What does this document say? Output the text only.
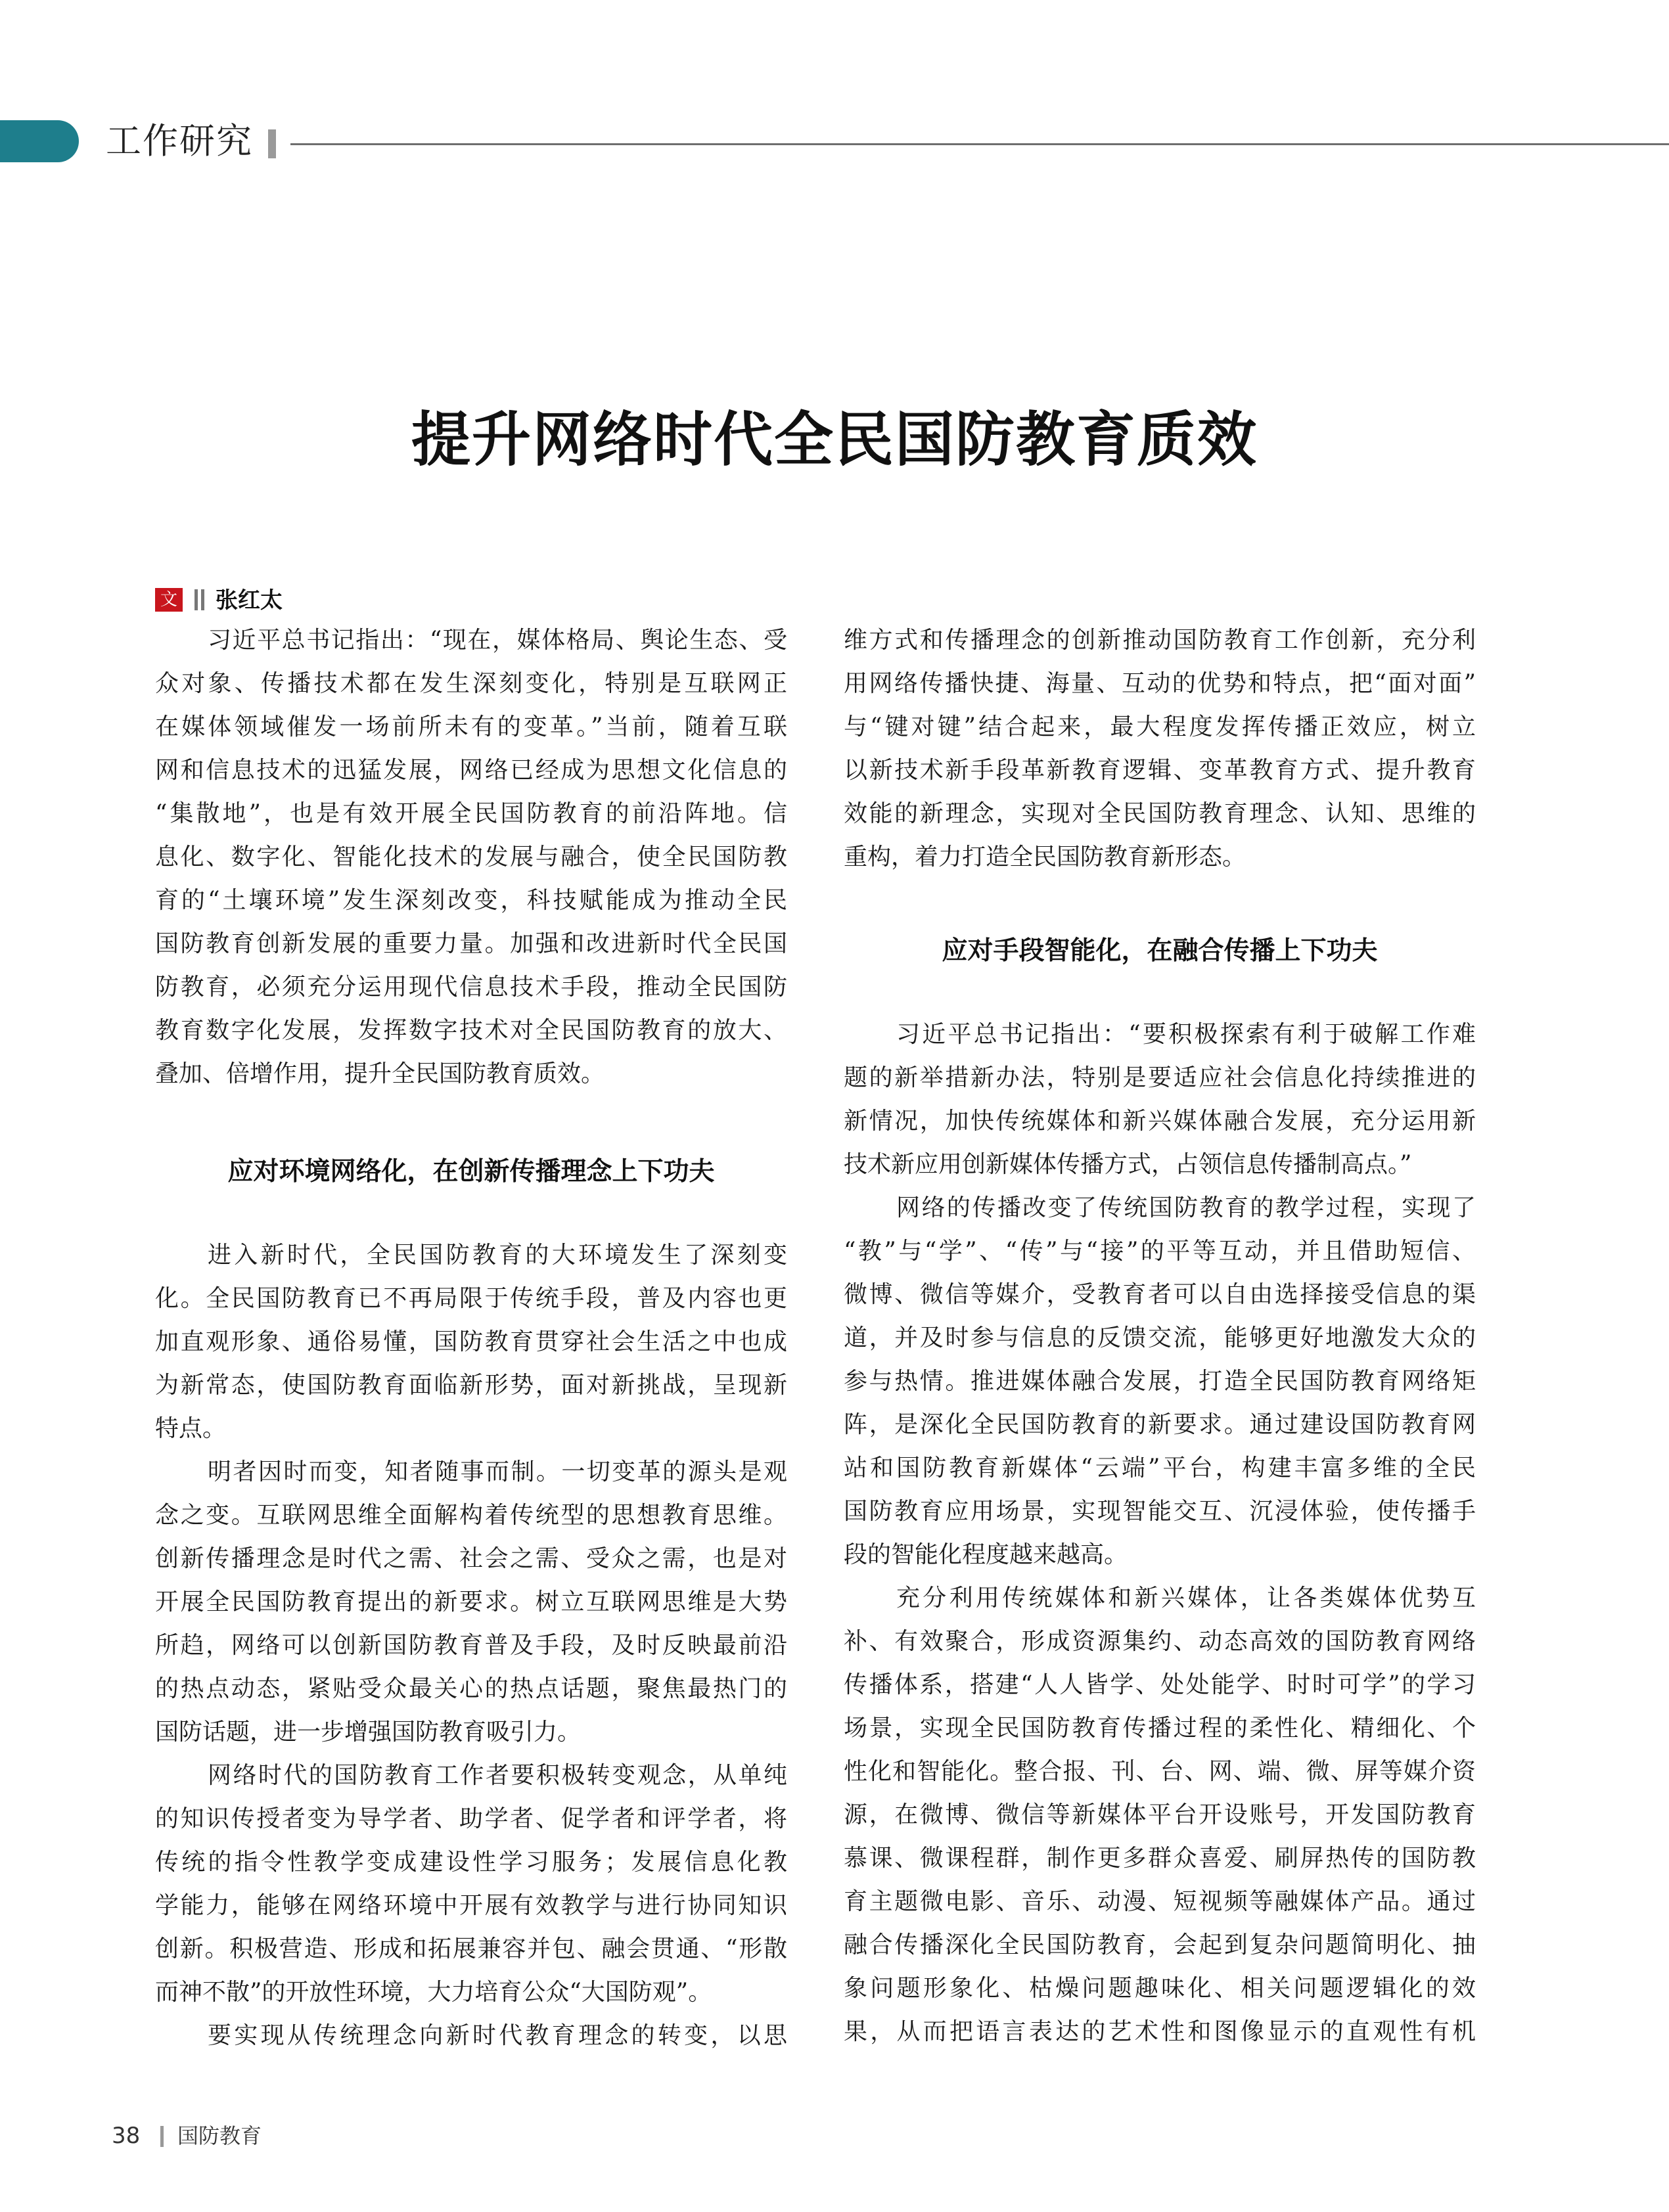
工作研究
提升网络时代全民国防教育质效
文 张红太
习近平总书记指出：“现在，媒体格局、舆论生态、受
众对象、传播技术都在发生深刻变化，特别是互联网正
在媒体领域催发一场前所未有的变革。”当前，随着互联
网和信息技术的迅猛发展，网络已经成为思想文化信息的
“集散地”，也是有效开展全民国防教育的前沿阵地。信
息化、数字化、智能化技术的发展与融合，使全民国防教
育的“土壤环境”发生深刻改变，科技赋能成为推动全民
国防教育创新发展的重要力量。加强和改进新时代全民国
防教育，必须充分运用现代信息技术手段，推动全民国防
教育数字化发展，发挥数字技术对全民国防教育的放大、
叠加、倍增作用，提升全民国防教育质效。
应对环境网络化，在创新传播理念上下功夫
进入新时代，全民国防教育的大环境发生了深刻变
化。全民国防教育已不再局限于传统手段，普及内容也更
加直观形象、通俗易懂，国防教育贯穿社会生活之中也成
为新常态，使国防教育面临新形势，面对新挑战，呈现新
特点。
明者因时而变，知者随事而制。一切变革的源头是观
念之变。互联网思维全面解构着传统型的思想教育思维。
创新传播理念是时代之需、社会之需、受众之需，也是对
开展全民国防教育提出的新要求。树立互联网思维是大势
所趋，网络可以创新国防教育普及手段，及时反映最前沿
的热点动态，紧贴受众最关心的热点话题，聚焦最热门的
国防话题，进一步增强国防教育吸引力。
网络时代的国防教育工作者要积极转变观念，从单纯
的知识传授者变为导学者、助学者、促学者和评学者，将
传统的指令性教学变成建设性学习服务；发展信息化教
学能力，能够在网络环境中开展有效教学与进行协同知识
创新。积极营造、形成和拓展兼容并包、融会贯通、“形散
而神不散”的开放性环境，大力培育公众“大国防观”。
要实现从传统理念向新时代教育理念的转变，以思
维方式和传播理念的创新推动国防教育工作创新，充分利
用网络传播快捷、海量、互动的优势和特点，把“面对面”
与“键对键”结合起来，最大程度发挥传播正效应，树立
以新技术新手段革新教育逻辑、变革教育方式、提升教育
效能的新理念，实现对全民国防教育理念、认知、思维的
重构，着力打造全民国防教育新形态。
应对手段智能化，在融合传播上下功夫
习近平总书记指出：“要积极探索有利于破解工作难
题的新举措新办法，特别是要适应社会信息化持续推进的
新情况，加快传统媒体和新兴媒体融合发展，充分运用新
技术新应用创新媒体传播方式，占领信息传播制高点。”
网络的传播改变了传统国防教育的教学过程，实现了
“教”与“学”、“传”与“接”的平等互动，并且借助短信、
微博、微信等媒介，受教育者可以自由选择接受信息的渠
道，并及时参与信息的反馈交流，能够更好地激发大众的
参与热情。推进媒体融合发展，打造全民国防教育网络矩
阵，是深化全民国防教育的新要求。通过建设国防教育网
站和国防教育新媒体“云端”平台，构建丰富多维的全民
国防教育应用场景，实现智能交互、沉浸体验，使传播手
段的智能化程度越来越高。
充分利用传统媒体和新兴媒体，让各类媒体优势互
补、有效聚合，形成资源集约、动态高效的国防教育网络
传播体系，搭建“人人皆学、处处能学、时时可学”的学习
场景，实现全民国防教育传播过程的柔性化、精细化、个
性化和智能化。整合报、刊、台、网、端、微、屏等媒介资
源，在微博、微信等新媒体平台开设账号，开发国防教育
慕课、微课程群，制作更多群众喜爱、刷屏热传的国防教
育主题微电影、音乐、动漫、短视频等融媒体产品。通过
融合传播深化全民国防教育，会起到复杂问题简明化、抽
象问题形象化、枯燥问题趣味化、相关问题逻辑化的效
果，从而把语言表达的艺术性和图像显示的直观性有机
38 国防教育
